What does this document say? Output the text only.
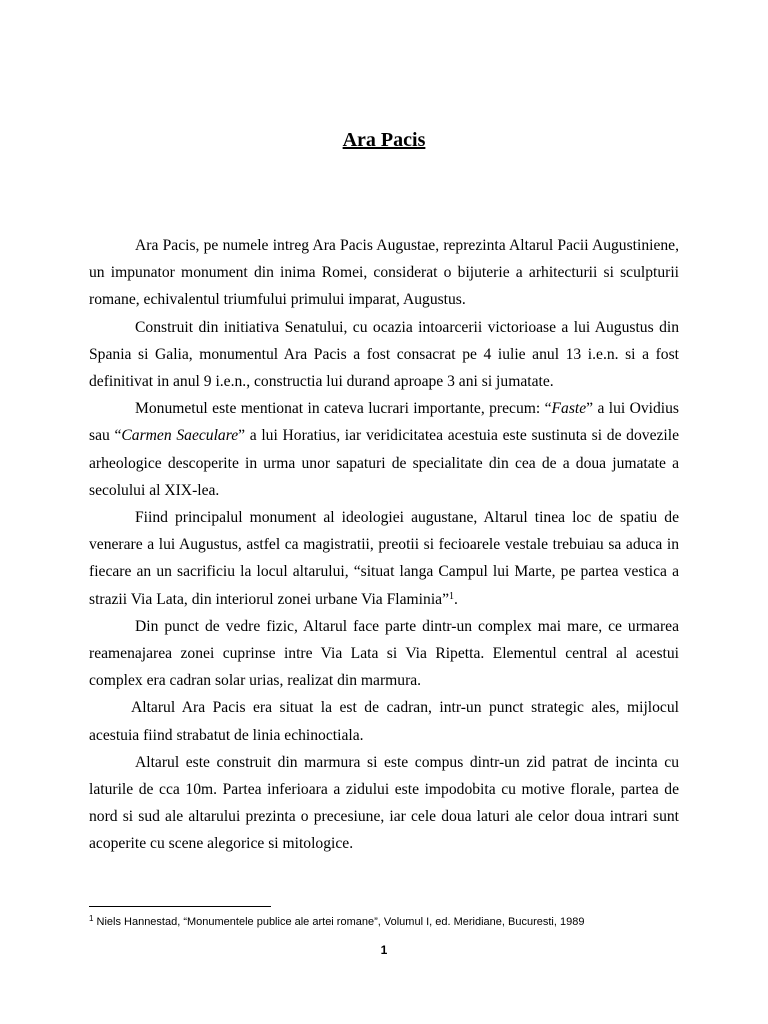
Ara Pacis

Ara Pacis, pe numele intreg Ara Pacis Augustae, reprezinta Altarul Pacii Augustiniene, un impunator monument din inima Romei, considerat o bijuterie a arhitecturii si sculpturii romane, echivalentul triumfului primului imparat, Augustus.

Construit din initiativa Senatului, cu ocazia intoarcerii victorioase a lui Augustus din Spania si Galia, monumentul Ara Pacis a fost consacrat pe 4 iulie anul 13 i.e.n. si a fost definitivat in anul 9 i.e.n., constructia lui durand aproape 3 ani si jumatate.

Monumetul este mentionat in cateva lucrari importante, precum: “Faste” a lui Ovidius sau “Carmen Saeculare” a lui Horatius, iar veridicitatea acestuia este sustinuta si de dovezile arheologice descoperite in urma unor sapaturi de specialitate din cea de a doua jumatate a secolului al XIX-lea.

Fiind principalul monument al ideologiei augustane, Altarul tinea loc de spatiu de venerare a lui Augustus, astfel ca magistratii, preotii si fecioarele vestale trebuiau sa aduca in fiecare an un sacrificiu la locul altarului, “situat langa Campul lui Marte, pe partea vestica a strazii Via Lata, din interiorul zonei urbane Via Flaminia”$^1$.

Din punct de vedre fizic, Altarul face parte dintr-un complex mai mare, ce urmarea reamenajarea zonei cuprinse intre Via Lata si Via Ripetta. Elementul central al acestui complex era cadran solar urias, realizat din marmura.

Altarul Ara Pacis era situat la est de cadran, intr-un punct strategic ales, mijlocul acestuia fiind strabatut de linia echinoctiala.

Altarul este construit din marmura si este compus dintr-un zid patrat de incinta cu laturile de cca 10m. Partea inferioara a zidului este impodobita cu motive florale, partea de nord si sud ale altarului prezinta o precesiune, iar cele doua laturi ale celor doua intrari sunt acoperite cu scene alegorice si mitologice.

$^1$ Niels Hannestad, “Monumentele publice ale artei romane”, Volumul I, ed. Meridiane, Bucuresti, 1989
1
